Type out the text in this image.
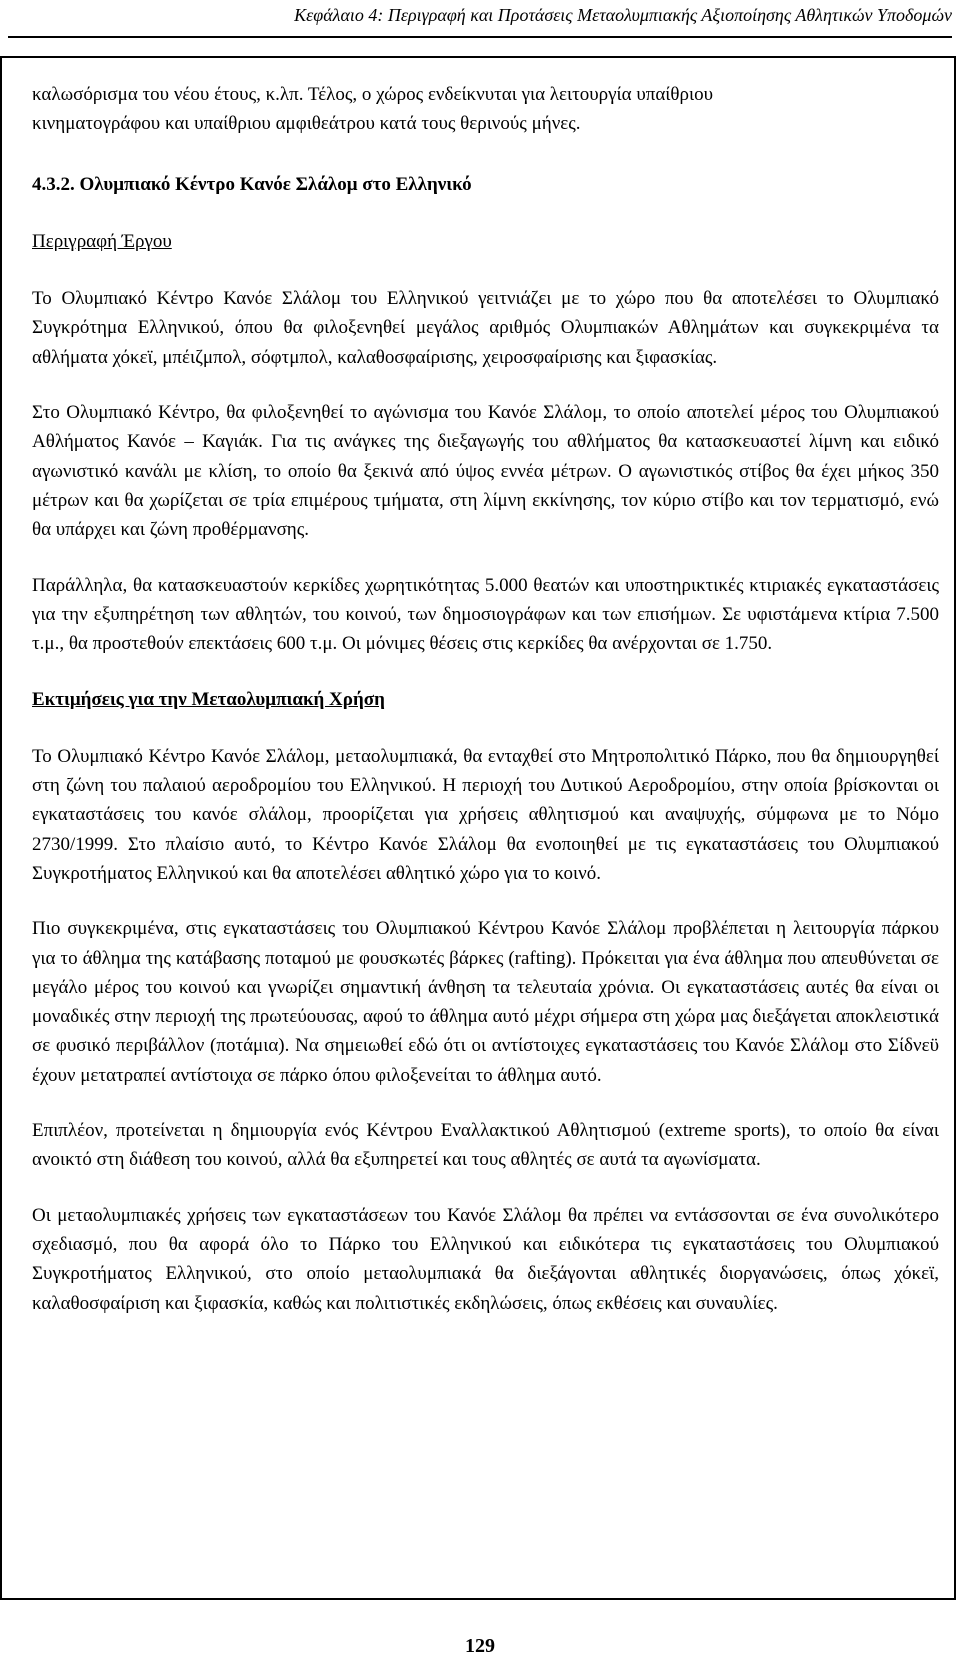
Κεφάλαιο 4: Περιγραφή και Προτάσεις Μεταολυμπιακής Αξιοποίησης Αθλητικών Υποδομών

καλωσόρισμα του νέου έτους, κ.λπ. Τέλος, ο χώρος ενδείκνυται για λειτουργία υπαίθριου

κινηματογράφου και υπαίθριου αμφιθεάτρου κατά τους θερινούς μήνες.

4.3.2. Ολυμπιακό Κέντρο Κανόε Σλάλομ στο Ελληνικό

Περιγραφή Έργου

Το Ολυμπιακό Κέντρο Κανόε Σλάλομ του Ελληνικού γειτνιάζει με το χώρο που θα αποτελέσει το Ολυμπιακό Συγκρότημα Ελληνικού, όπου θα φιλοξενηθεί μεγάλος αριθμός Ολυμπιακών Αθλημάτων και συγκεκριμένα τα αθλήματα χόκεϊ, μπέιζμπολ, σόφτμπολ, καλαθοσφαίρισης, χειροσφαίρισης και ξιφασκίας.

Στο Ολυμπιακό Κέντρο, θα φιλοξενηθεί το αγώνισμα του Κανόε Σλάλομ, το οποίο αποτελεί μέρος του Ολυμπιακού Αθλήματος Κανόε – Καγιάκ. Για τις ανάγκες της διεξαγωγής του αθλήματος θα κατασκευαστεί λίμνη και ειδικό αγωνιστικό κανάλι με κλίση, το οποίο θα ξεκινά από ύψος εννέα μέτρων. Ο αγωνιστικός στίβος θα έχει μήκος 350 μέτρων και θα χωρίζεται σε τρία επιμέρους τμήματα, στη λίμνη εκκίνησης, τον κύριο στίβο και τον τερματισμό, ενώ θα υπάρχει και ζώνη προθέρμανσης.

Παράλληλα, θα κατασκευαστούν κερκίδες χωρητικότητας 5.000 θεατών και υποστηρικτικές κτιριακές εγκαταστάσεις για την εξυπηρέτηση των αθλητών, του κοινού, των δημοσιογράφων και των επισήμων. Σε υφιστάμενα κτίρια 7.500 τ.μ., θα προστεθούν επεκτάσεις 600 τ.μ. Οι μόνιμες θέσεις στις κερκίδες θα ανέρχονται σε 1.750.

Εκτιμήσεις για την Μεταολυμπιακή Χρήση

Το Ολυμπιακό Κέντρο Κανόε Σλάλομ, μεταολυμπιακά, θα ενταχθεί στο Μητροπολιτικό Πάρκο, που θα δημιουργηθεί στη ζώνη του παλαιού αεροδρομίου του Ελληνικού. Η περιοχή του Δυτικού Αεροδρομίου, στην οποία βρίσκονται οι εγκαταστάσεις του κανόε σλάλομ, προορίζεται για χρήσεις αθλητισμού και αναψυχής, σύμφωνα με το Νόμο 2730/1999. Στο πλαίσιο αυτό, το Κέντρο Κανόε Σλάλομ θα ενοποιηθεί με τις εγκαταστάσεις του Ολυμπιακού Συγκροτήματος Ελληνικού και θα αποτελέσει αθλητικό χώρο για το κοινό.

Πιο συγκεκριμένα, στις εγκαταστάσεις του Ολυμπιακού Κέντρου Κανόε Σλάλομ προβλέπεται η λειτουργία πάρκου για το άθλημα της κατάβασης ποταμού με φουσκωτές βάρκες (rafting). Πρόκειται για ένα άθλημα που απευθύνεται σε μεγάλο μέρος του κοινού και γνωρίζει σημαντική άνθηση τα τελευταία χρόνια. Οι εγκαταστάσεις αυτές θα είναι οι μοναδικές στην περιοχή της πρωτεύουσας, αφού το άθλημα αυτό μέχρι σήμερα στη χώρα μας διεξάγεται αποκλειστικά σε φυσικό περιβάλλον (ποτάμια). Να σημειωθεί εδώ ότι οι αντίστοιχες εγκαταστάσεις του Κανόε Σλάλομ στο Σίδνεϋ έχουν μετατραπεί αντίστοιχα σε πάρκο όπου φιλοξενείται το άθλημα αυτό.

Επιπλέον, προτείνεται η δημιουργία ενός Κέντρου Εναλλακτικού Αθλητισμού (extreme sports), το οποίο θα είναι ανοικτό στη διάθεση του κοινού, αλλά θα εξυπηρετεί και τους αθλητές σε αυτά τα αγωνίσματα.

Οι μεταολυμπιακές χρήσεις των εγκαταστάσεων του Κανόε Σλάλομ θα πρέπει να εντάσσονται σε ένα συνολικότερο σχεδιασμό, που θα αφορά όλο το Πάρκο του Ελληνικού και ειδικότερα τις εγκαταστάσεις του Ολυμπιακού Συγκροτήματος Ελληνικού, στο οποίο μεταολυμπιακά θα διεξάγονται αθλητικές διοργανώσεις, όπως χόκεϊ, καλαθοσφαίριση και ξιφασκία, καθώς και πολιτιστικές εκδηλώσεις, όπως εκθέσεις και συναυλίες.

129
